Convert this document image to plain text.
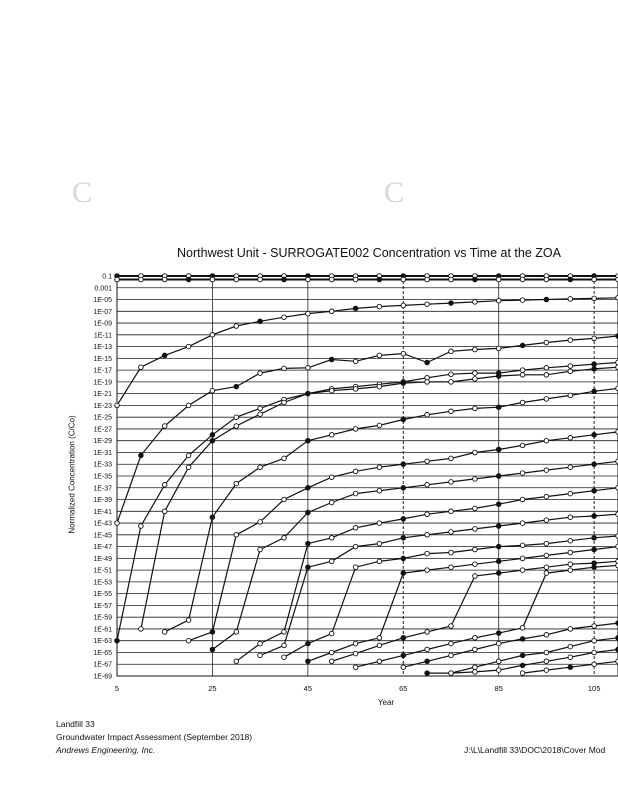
C	C
Northwest Unit - SURROGATE002 Concentration vs Time at the ZOA
Normalized Concentration (C/Co)
Year
0.1
0.001
1E-05
1E-07
1E-09
1E-11
1E-13
1E-15
1E-17
1E-19
1E-21
1E-23
1E-25
1E-27
1E-29
1E-31
1E-33
1E-35
1E-37
1E-39
1E-41
1E-43
1E-45
1E-47
1E-49
1E-51
1E-53
1E-55
1E-57
1E-59
1E-61
1E-63
1E-65
1E-67
1E-69
5	25	45	65	85	105
Landfill 33
Groundwater Impact Assessment (September 2018)
Andrews Engineering, Inc.	J:\L\Landfill 33\DOC\2018\Cover Mod
